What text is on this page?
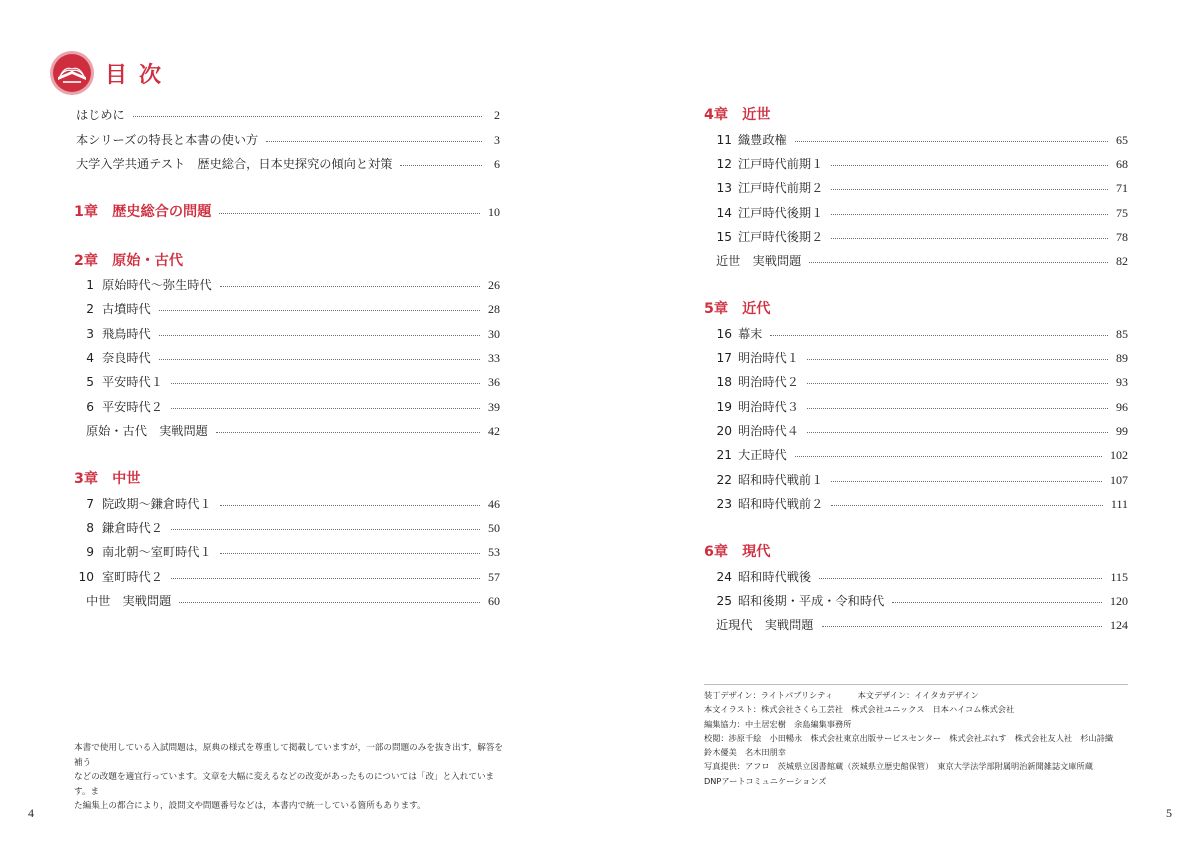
目次
はじめに	2
本シリーズの特長と本書の使い方	3
大学入学共通テスト　歴史総合，日本史探究の傾向と対策	6
1章 歴史総合の問題	10
2章 原始・古代
1 原始時代〜弥生時代	26
2 古墳時代	28
3 飛鳥時代	30
4 奈良時代	33
5 平安時代１	36
6 平安時代２	39
原始・古代　実戦問題	42
3章 中世
7 院政期〜鎌倉時代１	46
8 鎌倉時代２	50
9 南北朝〜室町時代１	53
10 室町時代２	57
中世　実戦問題	60
本書で使用している入試問題は，原典の様式を尊重して掲載していますが，一部の問題のみを抜き出す，解答を補う
などの改題を適宜行っています。文章を大幅に変えるなどの改変があったものについては「改」と入れています。ま
た編集上の都合により，設問文や問題番号などは，本書内で統一している箇所もあります。
4	5
4章 近世
11 織豊政権	65
12 江戸時代前期１	68
13 江戸時代前期２	71
14 江戸時代後期１	75
15 江戸時代後期２	78
近世　実戦問題	82
5章 近代
16 幕末	85
17 明治時代１	89
18 明治時代２	93
19 明治時代３	96
20 明治時代４	99
21 大正時代	102
22 昭和時代戦前１	107
23 昭和時代戦前２	111
6章 現代
24 昭和時代戦後	115
25 昭和後期・平成・令和時代	120
近現代　実戦問題	124
装丁デザイン：ライトパブリシティ　　　本文デザイン：イイタカデザイン
本文イラスト：株式会社さくら工芸社　株式会社ユニックス　日本ハイコム株式会社
編集協力：中土居宏樹　余島編集事務所
校閲：渉原千絵　小田暢永　株式会社東京出版サービスセンター　株式会社ぷれす　株式会社友人社　杉山詩織
鈴木優美　名木田朋幸
写真提供：アフロ　茨城県立図書館蔵（茨城県立歴史館保管）　東京大学法学部附属明治新聞雑誌文庫所蔵
DNPアートコミュニケーションズ
